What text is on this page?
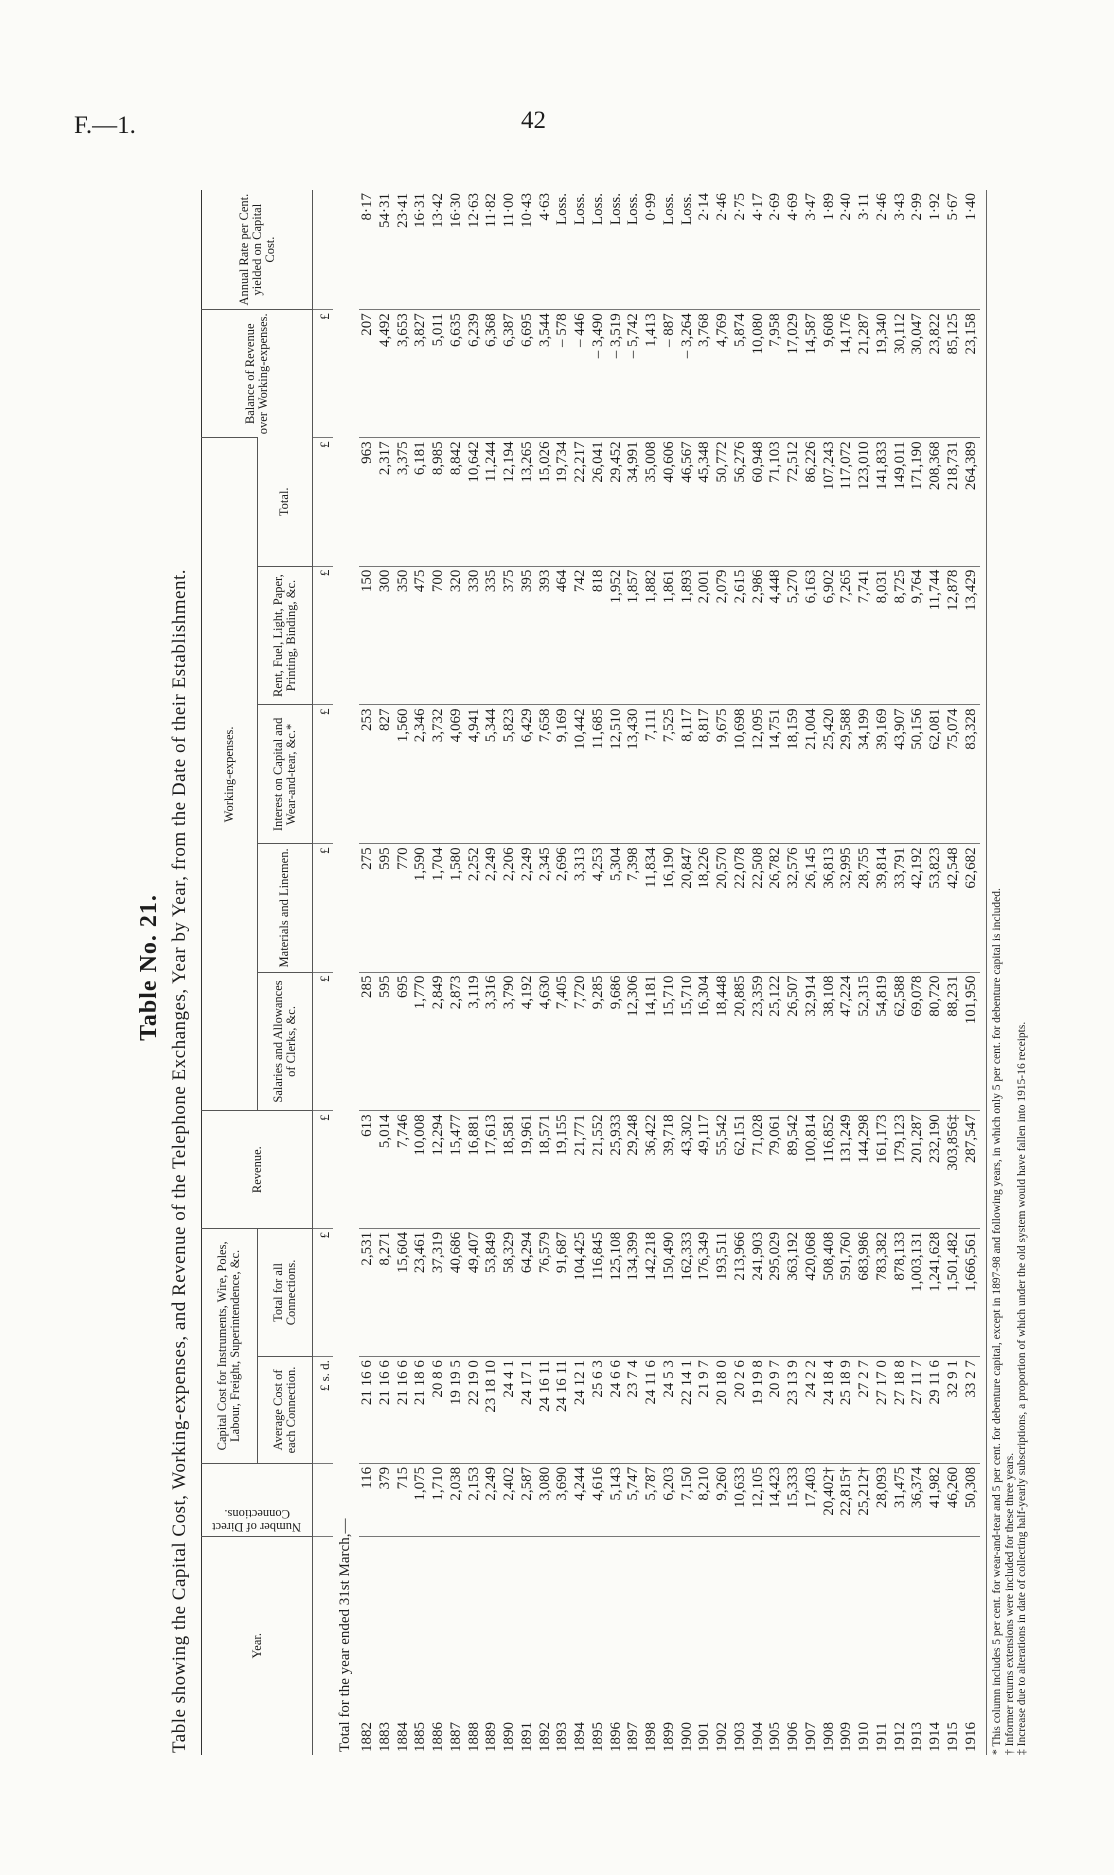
F.—1.	42
Table No. 21. Table showing the Capital Cost, Working-expenses, and Revenue of the Telephone Exchanges, Year by Year, from the Date of their Establishment.	Year.	Number of Direct Connections.	Capital Cost for Instruments, Wire, Poles, Labour, Freight, Superintendence, &c.		Revenue.	Working-expenses.					Balance of Revenue over Working-expenses.	Annual Rate per Cent. yielded on Capital Cost.
		Average Cost of each Connection.	Total for all Connections.		Salaries and Allowances of Clerks, &c.	Materials and Linemen.	Interest on Capital and Wear-and-tear, &c.*	Rent, Fuel, Light, Paper, Printing, Binding, &c.	Total.		
		£ s. d.	£	£	£	£	£	£	£	£	
Total for the year ended 31st March,—											
1882	116	21 16 6	2,531	613	285	275	253	150	963	207	8·17
1883	379	21 16 6	8,271	5,014	595	595	827	300	2,317	4,492	54·31
1884	715	21 16 6	15,604	7,746	695	770	1,560	350	3,375	3,653	23·41
1885	1,075	21 18 6	23,461	10,008	1,770	1,590	2,346	475	6,181	3,827	16·31
1886	1,710	20 8 6	37,319	12,294	2,849	1,704	3,732	700	8,985	5,011	13·42
1887	2,038	19 19 5	40,686	15,477	2,873	1,580	4,069	320	8,842	6,635	16·30
1888	2,153	22 19 0	49,407	16,881	3,119	2,252	4,941	330	10,642	6,239	12·63
1889	2,249	23 18 10	53,849	17,613	3,316	2,249	5,344	335	11,244	6,368	11·82
1890	2,402	24 4 1	58,329	18,581	3,790	2,206	5,823	375	12,194	6,387	11·00
1891	2,587	24 17 1	64,294	19,961	4,192	2,249	6,429	395	13,265	6,695	10·43
1892	3,080	24 16 11	76,579	18,571	4,630	2,345	7,658	393	15,026	3,544	4·63
1893	3,690	24 16 11	91,687	19,155	7,405	2,696	9,169	464	19,734	– 578	Loss.
1894	4,244	24 12 1	104,425	21,771	7,720	3,313	10,442	742	22,217	– 446	Loss.
1895	4,616	25 6 3	116,845	21,552	9,285	4,253	11,685	818	26,041	– 3,490	Loss.
1896	5,143	24 6 6	125,108	25,933	9,686	5,304	12,510	1,952	29,452	– 3,519	Loss.
1897	5,747	23 7 4	134,399	29,248	12,306	7,398	13,430	1,857	34,991	– 5,742	Loss.
1898	5,787	24 11 6	142,218	36,422	14,181	11,834	7,111	1,882	35,008	1,413	0·99
1899	6,203	24 5 3	150,490	39,718	15,710	16,190	7,525	1,861	40,606	– 887	Loss.
1900	7,150	22 14 1	162,333	43,302	15,710	20,847	8,117	1,893	46,567	– 3,264	Loss.
1901	8,210	21 9 7	176,349	49,117	16,304	18,226	8,817	2,001	45,348	3,768	2·14
1902	9,260	20 18 0	193,511	55,542	18,448	20,570	9,675	2,079	50,772	4,769	2·46
1903	10,633	20 2 6	213,966	62,151	20,885	22,078	10,698	2,615	56,276	5,874	2·75
1904	12,105	19 19 8	241,903	71,028	23,359	22,508	12,095	2,986	60,948	10,080	4·17
1905	14,423	20 9 7	295,029	79,061	25,122	26,782	14,751	4,448	71,103	7,958	2·69
1906	15,333	23 13 9	363,192	89,542	26,507	32,576	18,159	5,270	72,512	17,029	4·69
1907	17,403	24 2 2	420,068	100,814	32,914	26,145	21,004	6,163	86,226	14,587	3·47
1908	20,402†	24 18 4	508,408	116,852	38,108	36,813	25,420	6,902	107,243	9,608	1·89
1909	22,815†	25 18 9	591,760	131,249	47,224	32,995	29,588	7,265	117,072	14,176	2·40
1910	25,212†	27 2 7	683,986	144,298	52,315	28,755	34,199	7,741	123,010	21,287	3·11
1911	28,093	27 17 0	783,382	161,173	54,819	39,814	39,169	8,031	141,833	19,340	2·46
1912	31,475	27 18 8	878,133	179,123	62,588	33,791	43,907	8,725	149,011	30,112	3·43
1913	36,374	27 11 7	1,003,131	201,287	69,078	42,192	50,156	9,764	171,190	30,047	2·99
1914	41,982	29 11 6	1,241,628	232,190	80,720	53,823	62,081	11,744	208,368	23,822	1·92
1915	46,260	32 9 1	1,501,482	303,856‡	88,231	42,548	75,074	12,878	218,731	85,125	5·67
1916	50,308	33 2 7	1,666,561	287,547	101,950	62,682	83,328	13,429	264,389	23,158	1·40
* This column includes 5 per cent. for wear-and-tear and 5 per cent. for debenture capital, except in 1897-98 and following years, in which only 5 per cent. for debenture capital is included. † Informer returns extensions were included for these three years. ‡ Increase due to alterations in date of collecting half-yearly subscriptions, a proportion of which under the old system would have fallen into 1915-16 receipts.
